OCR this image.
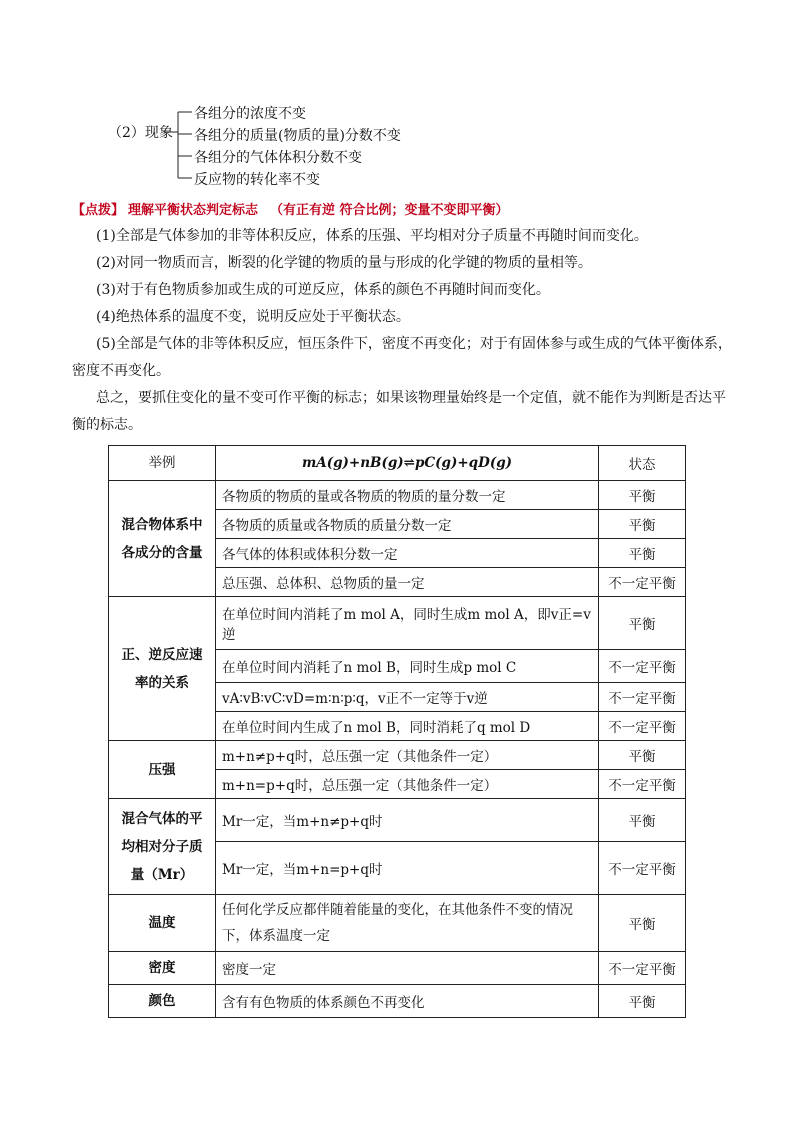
（2）现象
各组分的浓度不变
各组分的质量(物质的量)分数不变
各组分的气体体积分数不变
反应物的转化率不变
【点拨】 理解平衡状态判定标志 （有正有逆 符合比例；变量不变即平衡）
(1)全部是气体参加的非等体积反应，体系的压强、平均相对分子质量不再随时间而变化。
(2)对同一物质而言，断裂的化学键的物质的量与形成的化学键的物质的量相等。
(3)对于有色物质参加或生成的可逆反应，体系的颜色不再随时间而变化。
(4)绝热体系的温度不变，说明反应处于平衡状态。
(5)全部是气体的非等体积反应，恒压条件下，密度不再变化；对于有固体参与或生成的气体平衡体系，密度不再变化。
总之，要抓住变化的量不变可作平衡的标志；如果该物理量始终是一个定值，就不能作为判断是否达平衡的标志。
举例	mA(g)+nB(g)⇌pC(g)+qD(g)	状态
混合物体系中各成分的含量	各物质的物质的量或各物质的物质的量分数一定	平衡
	各物质的质量或各物质的质量分数一定	平衡
	各气体的体积或体积分数一定	平衡
	总压强、总体积、总物质的量一定	不一定平衡
正、逆反应速率的关系	在单位时间内消耗了m mol A，同时生成m mol A，即v正=v逆	平衡
	在单位时间内消耗了n mol B，同时生成p mol C	不一定平衡
	vA∶vB∶vC∶vD=m∶n∶p∶q，v正不一定等于v逆	不一定平衡
	在单位时间内生成了n mol B，同时消耗了q mol D	不一定平衡
压强	m+n≠p+q时，总压强一定（其他条件一定）	平衡
	m+n=p+q时，总压强一定（其他条件一定）	不一定平衡
混合气体的平均相对分子质量（Mr）	Mr一定，当m+n≠p+q时	平衡
	Mr一定，当m+n=p+q时	不一定平衡
温度	任何化学反应都伴随着能量的变化，在其他条件不变的情况下，体系温度一定	平衡
密度	密度一定	不一定平衡
颜色	含有有色物质的体系颜色不再变化	平衡
